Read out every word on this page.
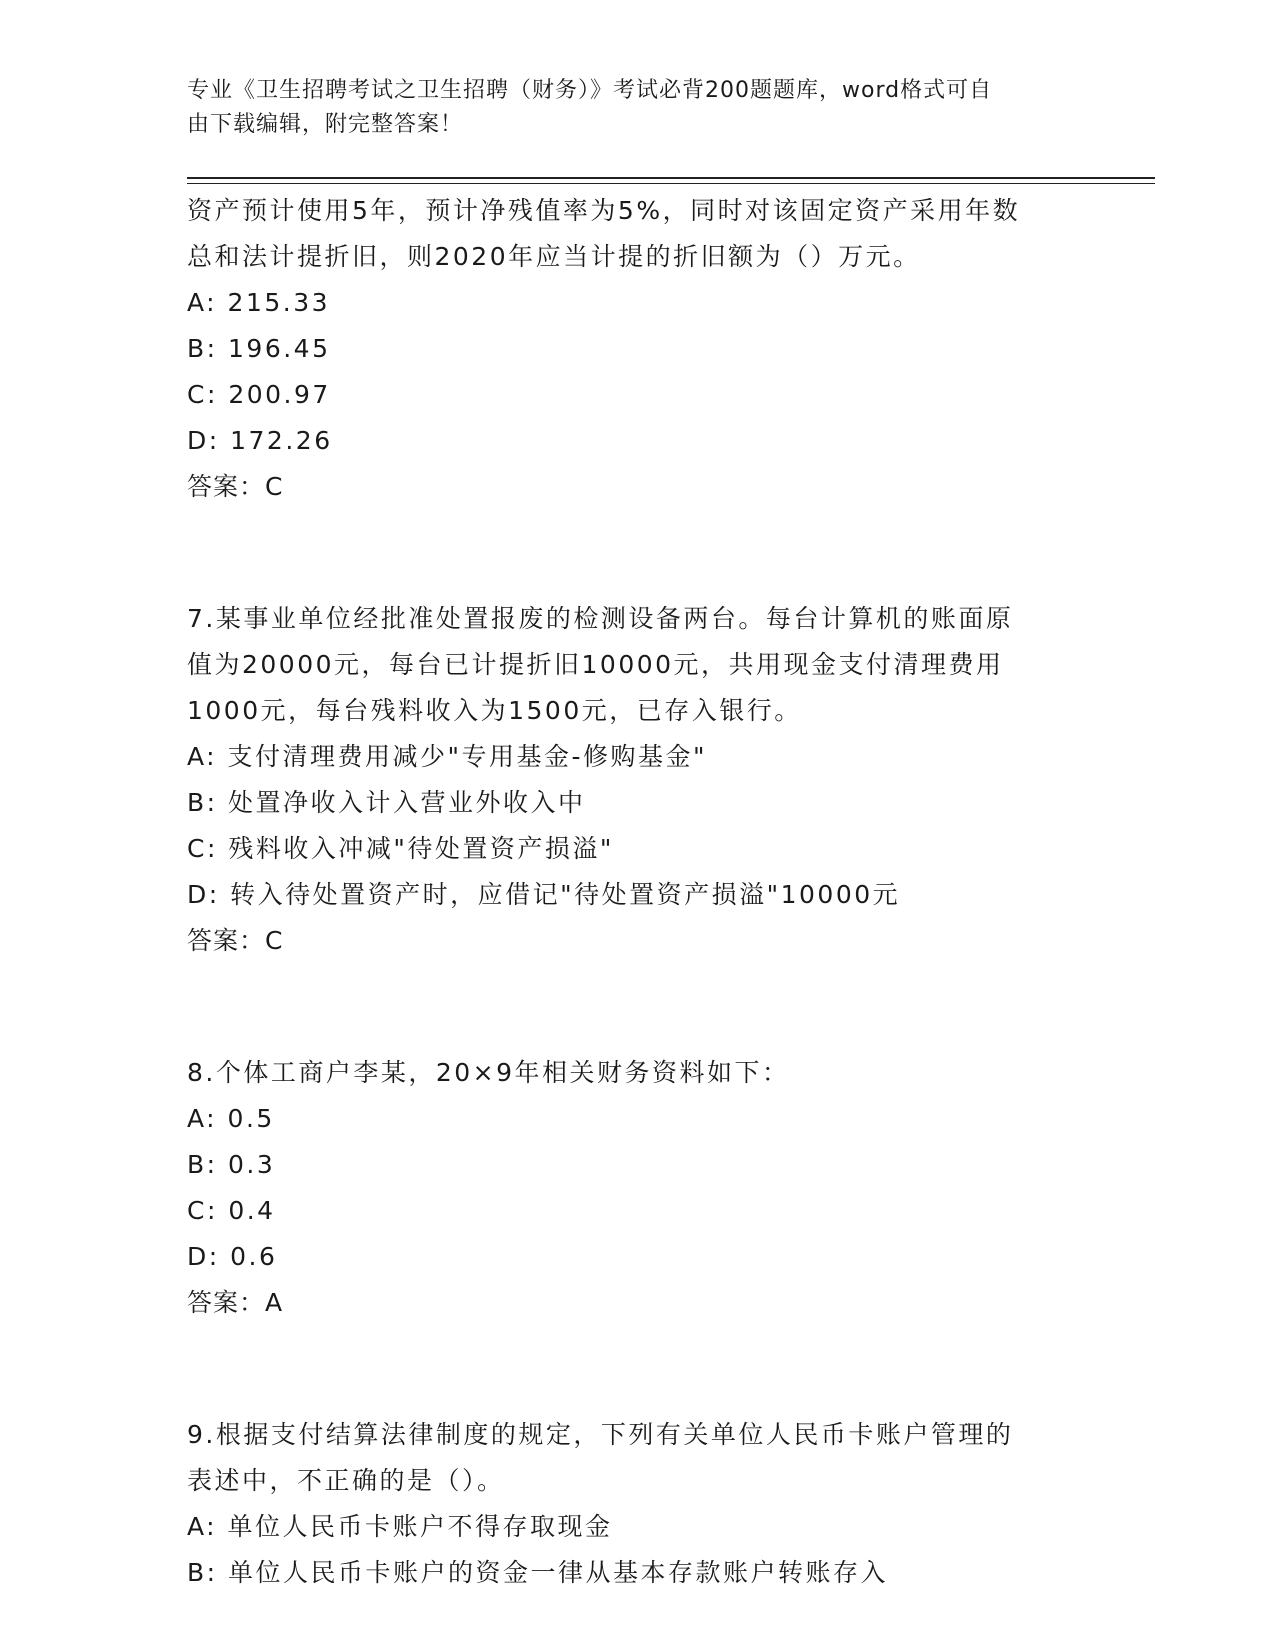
专业《卫生招聘考试之卫生招聘（财务）》考试必背200题题库，word格式可自
由下载编辑，附完整答案！
资产预计使用5年，预计净残值率为5%，同时对该固定资产采用年数
总和法计提折旧，则2020年应当计提的折旧额为（）万元。
A: 215.33
B: 196.45
C: 200.97
D: 172.26
答案：C
7.某事业单位经批准处置报废的检测设备两台。每台计算机的账面原
值为20000元，每台已计提折旧10000元，共用现金支付清理费用
1000元，每台残料收入为1500元，已存入银行。
A: 支付清理费用减少"专用基金-修购基金"
B: 处置净收入计入营业外收入中
C: 残料收入冲减"待处置资产损溢"
D: 转入待处置资产时，应借记"待处置资产损溢"10000元
答案：C
8.个体工商户李某，20×9年相关财务资料如下：
A: 0.5
B: 0.3
C: 0.4
D: 0.6
答案：A
9.根据支付结算法律制度的规定，下列有关单位人民币卡账户管理的
表述中，不正确的是（）。
A: 单位人民币卡账户不得存取现金
B: 单位人民币卡账户的资金一律从基本存款账户转账存入
